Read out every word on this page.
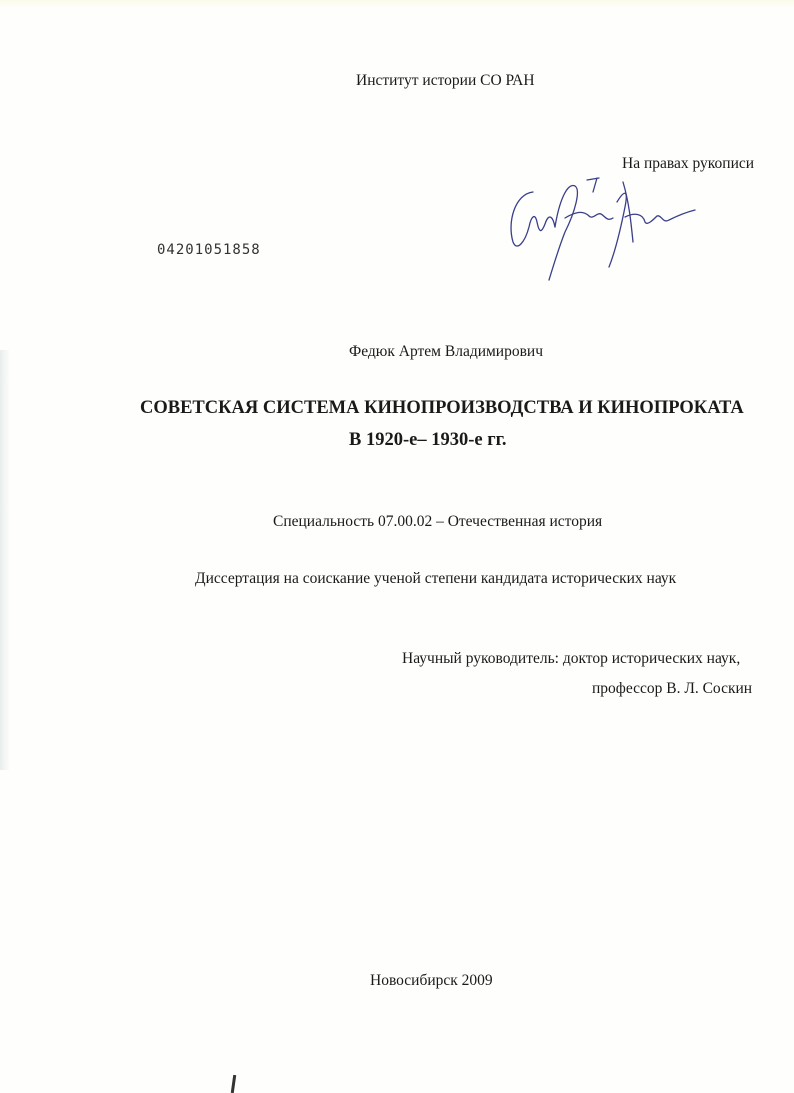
Институт истории СО РАН
На правах рукописи
04201051858
Федюк Артем Владимирович
СОВЕТСКАЯ СИСТЕМА КИНОПРОИЗВОДСТВА И КИНОПРОКАТА
В 1920-е– 1930-е гг.
Специальность 07.00.02 – Отечественная история
Диссертация на соискание ученой степени кандидата исторических наук
Научный руководитель: доктор исторических наук,
профессор В. Л. Соскин
Новосибирск 2009
